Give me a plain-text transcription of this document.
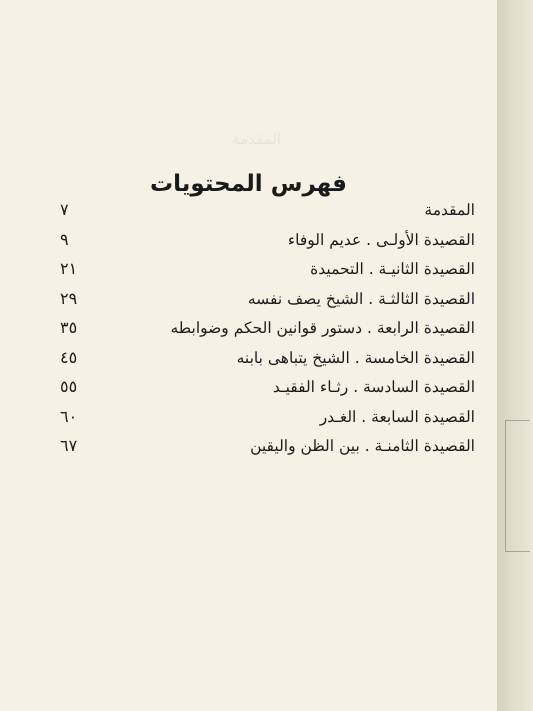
المقدمة
فهرس المحتويات
المقدمة
٧
القصيدة الأولـى . عديم الوفاء
٩
القصيدة الثانيـة . التحميدة
٢١
القصيدة الثالثـة . الشيخ يصف نفسه
٢٩
القصيدة الرابعة . دستور قوانين الحكم وضوابطه
٣٥
القصيدة الخامسة . الشيخ يتباهى بابنه
٤٥
القصيدة السادسة . رثـاء الفقيـد
٥٥
القصيدة السابعة . الغـدر
٦٠
القصيدة الثامنـة . بين الظن واليقين
٦٧
